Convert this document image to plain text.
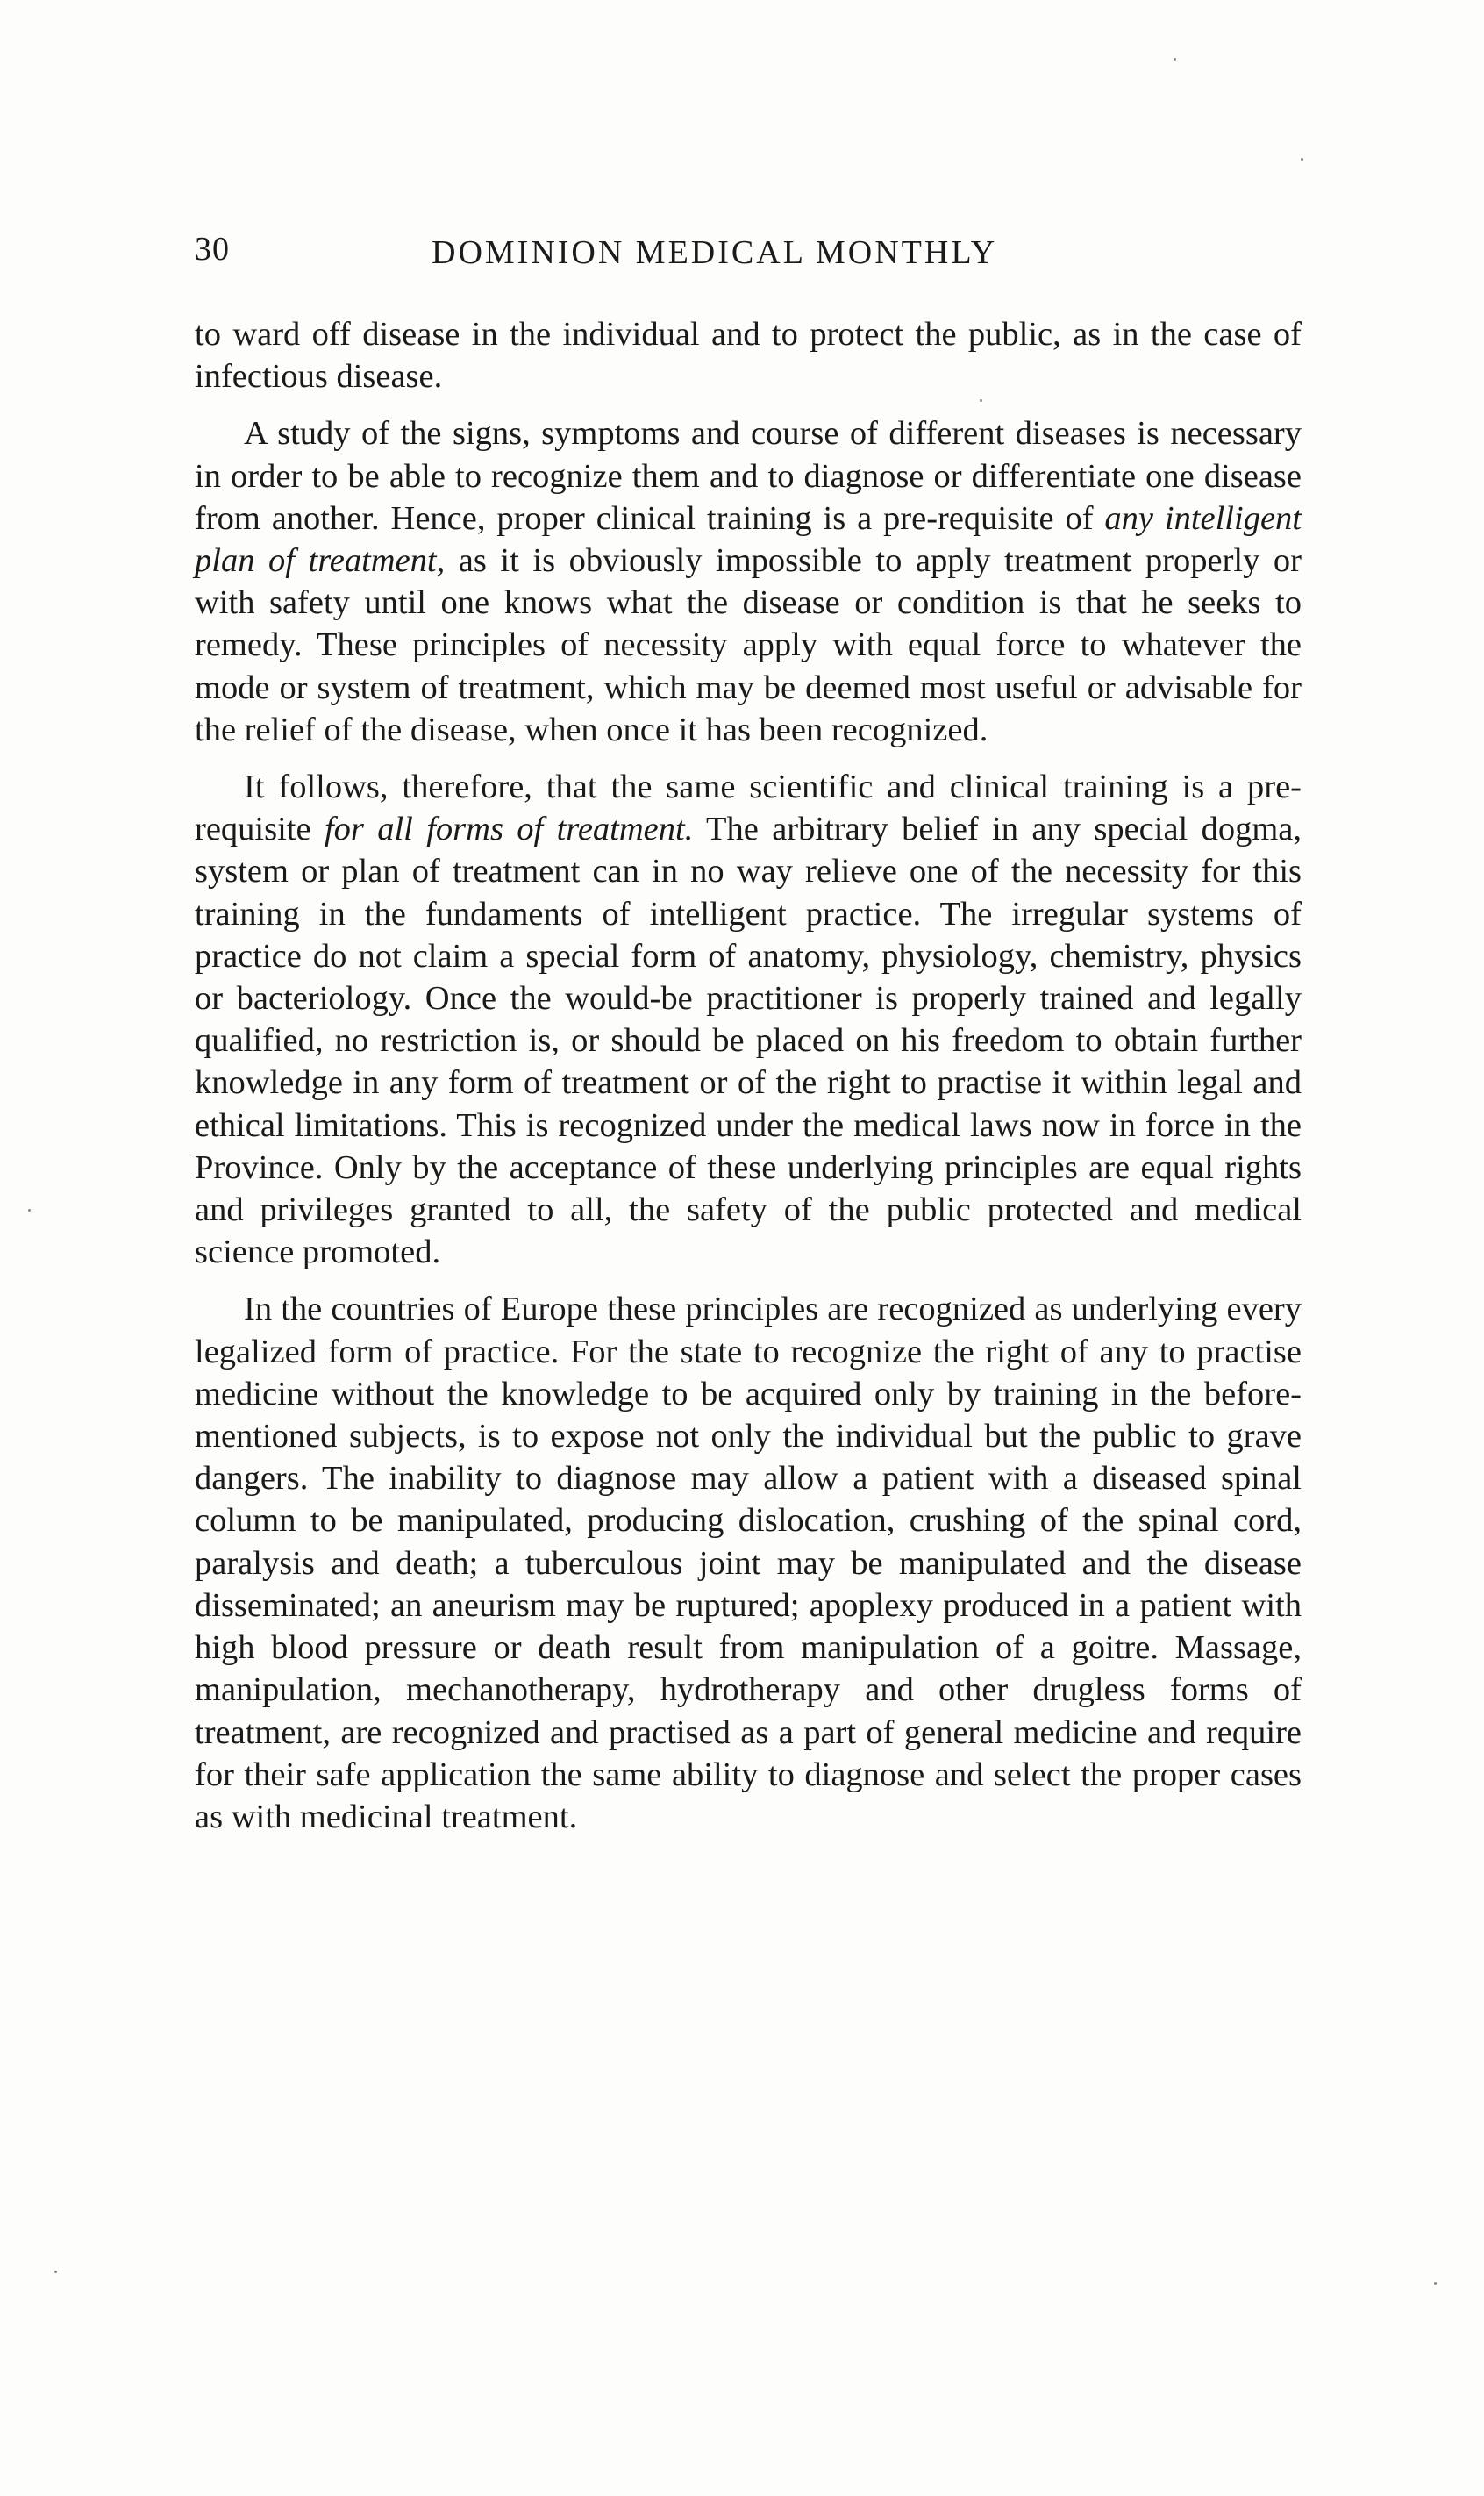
30	DOMINION MEDICAL MONTHLY

to ward off disease in the individual and to protect the public, as in the case of infectious disease.

A study of the signs, symptoms and course of different diseases is necessary in order to be able to recognize them and to diagnose or differentiate one disease from another. Hence, proper clinical training is a pre-requisite of any intelligent plan of treatment, as it is obviously impossible to apply treatment properly or with safety until one knows what the disease or condition is that he seeks to remedy. These principles of necessity apply with equal force to whatever the mode or system of treatment, which may be deemed most useful or advisable for the relief of the disease, when once it has been recognized.

It follows, therefore, that the same scientific and clinical training is a pre-requisite for all forms of treatment. The arbitrary belief in any special dogma, system or plan of treatment can in no way relieve one of the necessity for this training in the fundaments of intelligent practice. The irregular systems of practice do not claim a special form of anatomy, physiology, chemistry, physics or bacteriology. Once the would-be practitioner is properly trained and legally qualified, no restriction is, or should be placed on his freedom to obtain further knowledge in any form of treatment or of the right to practise it within legal and ethical limitations. This is recognized under the medical laws now in force in the Province. Only by the acceptance of these underlying principles are equal rights and privileges granted to all, the safety of the public protected and medical science promoted.

In the countries of Europe these principles are recognized as underlying every legalized form of practice. For the state to recognize the right of any to practise medicine without the knowledge to be acquired only by training in the before-mentioned subjects, is to expose not only the individual but the public to grave dangers. The inability to diagnose may allow a patient with a diseased spinal column to be manipulated, producing dislocation, crushing of the spinal cord, paralysis and death; a tuberculous joint may be manipulated and the disease disseminated; an aneurism may be ruptured; apoplexy produced in a patient with high blood pressure or death result from manipulation of a goitre. Massage, manipulation, mechanotherapy, hydrotherapy and other drugless forms of treatment, are recognized and practised as a part of general medicine and require for their safe application the same ability to diagnose and select the proper cases as with medicinal treatment.
